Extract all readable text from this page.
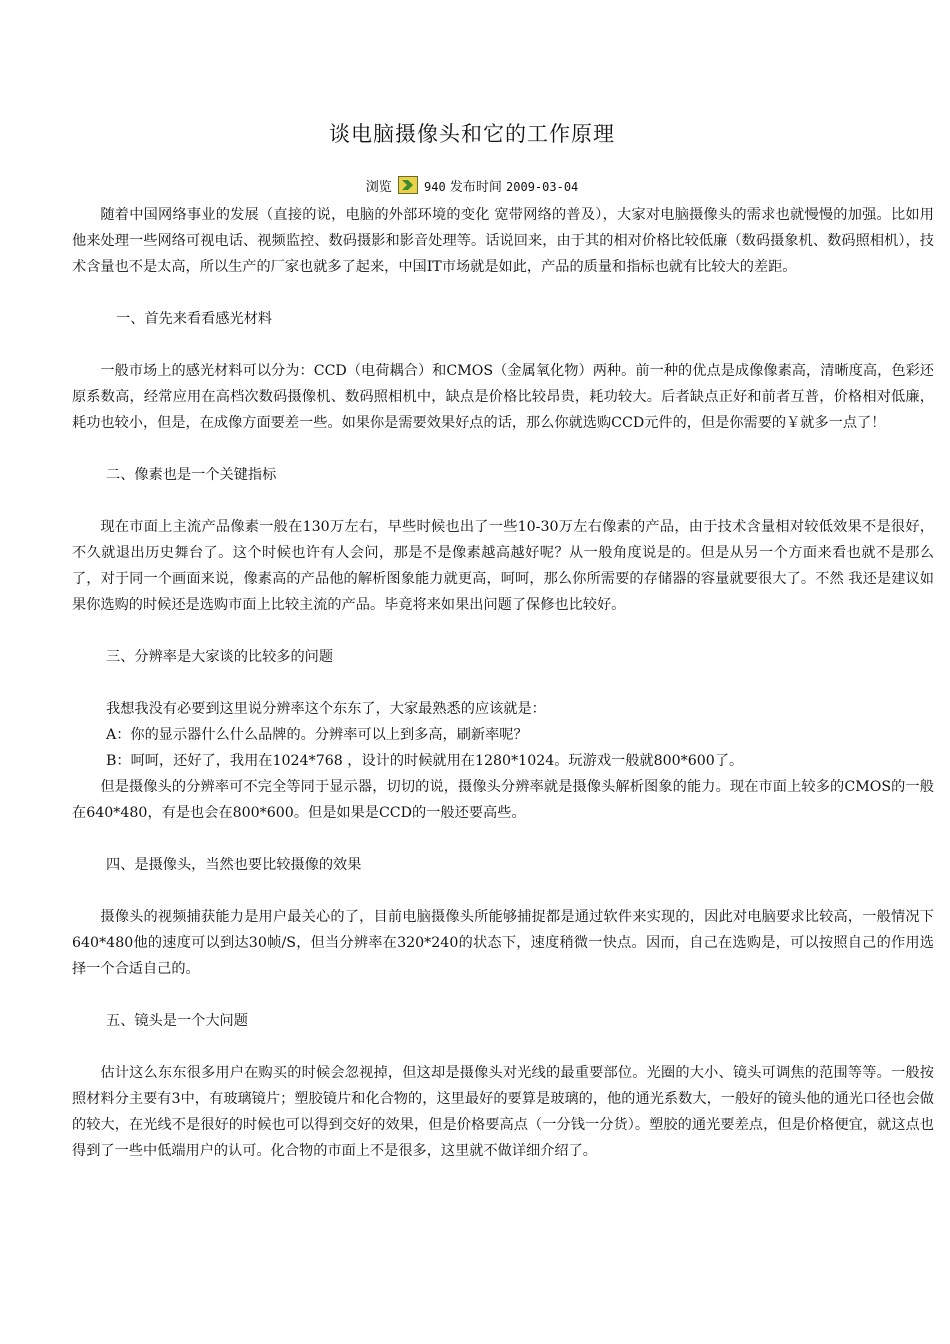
谈电脑摄像头和它的工作原理
浏览	940 发布时间 2009-03-04

随着中国网络事业的发展（直接的说，电脑的外部环境的变化 宽带网络的普及），大家对电脑摄像头的需求也就慢慢的加强。比如用他来处理一些网络可视电话、视频监控、数码摄影和影音处理等。话说回来，由于其的相对价格比较低廉（数码摄象机、数码照相机），技术含量也不是太高，所以生产的厂家也就多了起来，中国IT市场就是如此，产品的质量和指标也就有比较大的差距。

一、首先来看看感光材料

一般市场上的感光材料可以分为：CCD（电荷耦合）和CMOS（金属氧化物）两种。前一种的优点是成像像素高，清晰度高，色彩还原系数高，经常应用在高档次数码摄像机、数码照相机中，缺点是价格比较昂贵，耗功较大。后者缺点正好和前者互普，价格相对低廉，耗功也较小，但是，在成像方面要差一些。如果你是需要效果好点的话，那么你就选购CCD元件的，但是你需要的￥就多一点了！

二、像素也是一个关键指标

现在市面上主流产品像素一般在130万左右，早些时候也出了一些10-30万左右像素的产品，由于技术含量相对较低效果不是很好，不久就退出历史舞台了。这个时候也许有人会问，那是不是像素越高越好呢？从一般角度说是的。但是从另一个方面来看也就不是那么了，对于同一个画面来说，像素高的产品他的解析图象能力就更高，呵呵，那么你所需要的存储器的容量就要很大了。不然 我还是建议如果你选购的时候还是选购市面上比较主流的产品。毕竟将来如果出问题了保修也比较好。

三、分辨率是大家谈的比较多的问题

我想我没有必要到这里说分辨率这个东东了，大家最熟悉的应该就是：

A：你的显示器什么什么品牌的。分辨率可以上到多高，刷新率呢？

B：呵呵，还好了，我用在1024*768 ，设计的时候就用在1280*1024。玩游戏一般就800*600了。

但是摄像头的分辨率可不完全等同于显示器，切切的说，摄像头分辨率就是摄像头解析图象的能力。现在市面上较多的CMOS的一般在640*480，有是也会在800*600。但是如果是CCD的一般还要高些。

四、是摄像头，当然也要比较摄像的效果

摄像头的视频捕获能力是用户最关心的了，目前电脑摄像头所能够捕捉都是通过软件来实现的，因此对电脑要求比较高，一般情况下640*480他的速度可以到达30帧/S，但当分辨率在320*240的状态下，速度稍微一快点。因而，自己在选购是，可以按照自己的作用选择一个合适自己的。

五、镜头是一个大问题

估计这么东东很多用户在购买的时候会忽视掉，但这却是摄像头对光线的最重要部位。光圈的大小、镜头可调焦的范围等等。一般按照材料分主要有3中，有玻璃镜片；塑胶镜片和化合物的，这里最好的要算是玻璃的，他的通光系数大，一般好的镜头他的通光口径也会做的较大，在光线不是很好的时候也可以得到交好的效果，但是价格要高点（一分钱一分货）。塑胶的通光要差点，但是价格便宜，就这点也得到了一些中低端用户的认可。化合物的市面上不是很多，这里就不做详细介绍了。
